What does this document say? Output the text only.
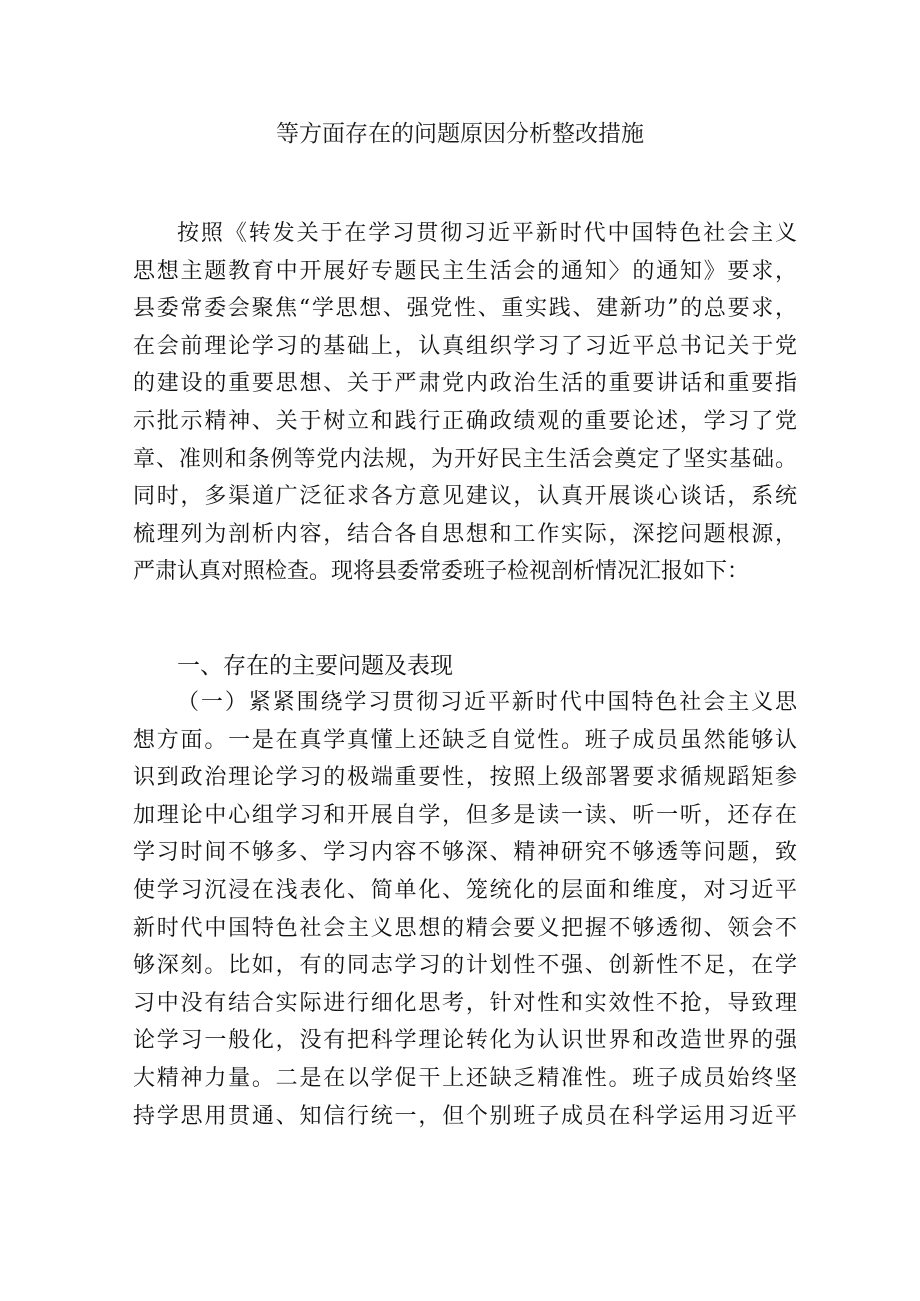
等方面存在的问题原因分析整改措施
按照《转发关于在学习贯彻习近平新时代中国特色社会主义
思想主题教育中开展好专题民主生活会的通知〉的通知》要求，
县委常委会聚焦“学思想、强党性、重实践、建新功”的总要求，
在会前理论学习的基础上，认真组织学习了习近平总书记关于党
的建设的重要思想、关于严肃党内政治生活的重要讲话和重要指
示批示精神、关于树立和践行正确政绩观的重要论述，学习了党
章、准则和条例等党内法规，为开好民主生活会奠定了坚实基础。
同时，多渠道广泛征求各方意见建议，认真开展谈心谈话，系统
梳理列为剖析内容，结合各自思想和工作实际，深挖问题根源，
严肃认真对照检查。现将县委常委班子检视剖析情况汇报如下：
一、存在的主要问题及表现
（一）紧紧围绕学习贯彻习近平新时代中国特色社会主义思
想方面。一是在真学真懂上还缺乏自觉性。班子成员虽然能够认
识到政治理论学习的极端重要性，按照上级部署要求循规蹈矩参
加理论中心组学习和开展自学，但多是读一读、听一听，还存在
学习时间不够多、学习内容不够深、精神研究不够透等问题，致
使学习沉浸在浅表化、简单化、笼统化的层面和维度，对习近平
新时代中国特色社会主义思想的精会要义把握不够透彻、领会不
够深刻。比如，有的同志学习的计划性不强、创新性不足，在学
习中没有结合实际进行细化思考，针对性和实效性不抢，导致理
论学习一般化，没有把科学理论转化为认识世界和改造世界的强
大精神力量。二是在以学促干上还缺乏精准性。班子成员始终坚
持学思用贯通、知信行统一，但个别班子成员在科学运用习近平
